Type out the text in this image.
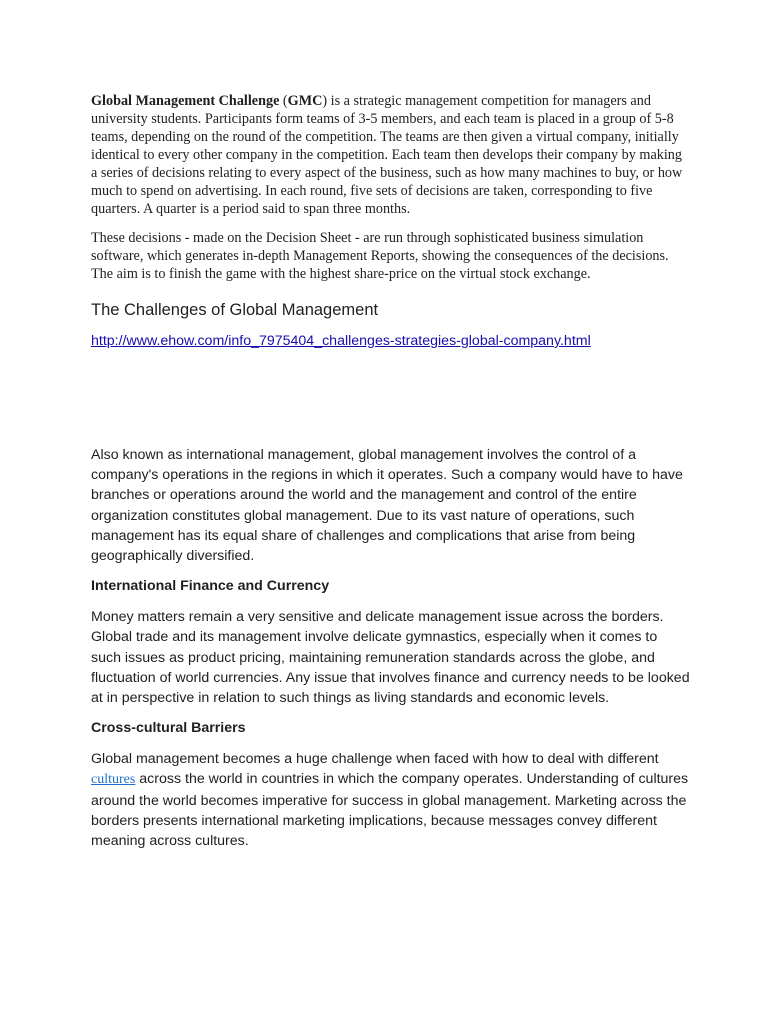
Global Management Challenge (GMC) is a strategic management competition for managers and university students. Participants form teams of 3-5 members, and each team is placed in a group of 5-8 teams, depending on the round of the competition. The teams are then given a virtual company, initially identical to every other company in the competition. Each team then develops their company by making a series of decisions relating to every aspect of the business, such as how many machines to buy, or how much to spend on advertising. In each round, five sets of decisions are taken, corresponding to five quarters. A quarter is a period said to span three months.

These decisions - made on the Decision Sheet - are run through sophisticated business simulation software, which generates in-depth Management Reports, showing the consequences of the decisions. The aim is to finish the game with the highest share-price on the virtual stock exchange.

The Challenges of Global Management

http://www.ehow.com/info_7975404_challenges-strategies-global-company.html

Also known as international management, global management involves the control of a company's operations in the regions in which it operates. Such a company would have to have branches or operations around the world and the management and control of the entire organization constitutes global management. Due to its vast nature of operations, such management has its equal share of challenges and complications that arise from being geographically diversified.

International Finance and Currency

Money matters remain a very sensitive and delicate management issue across the borders. Global trade and its management involve delicate gymnastics, especially when it comes to such issues as product pricing, maintaining remuneration standards across the globe, and fluctuation of world currencies. Any issue that involves finance and currency needs to be looked at in perspective in relation to such things as living standards and economic levels.

Cross-cultural Barriers

Global management becomes a huge challenge when faced with how to deal with different cultures across the world in countries in which the company operates. Understanding of cultures around the world becomes imperative for success in global management. Marketing across the borders presents international marketing implications, because messages convey different meaning across cultures.
